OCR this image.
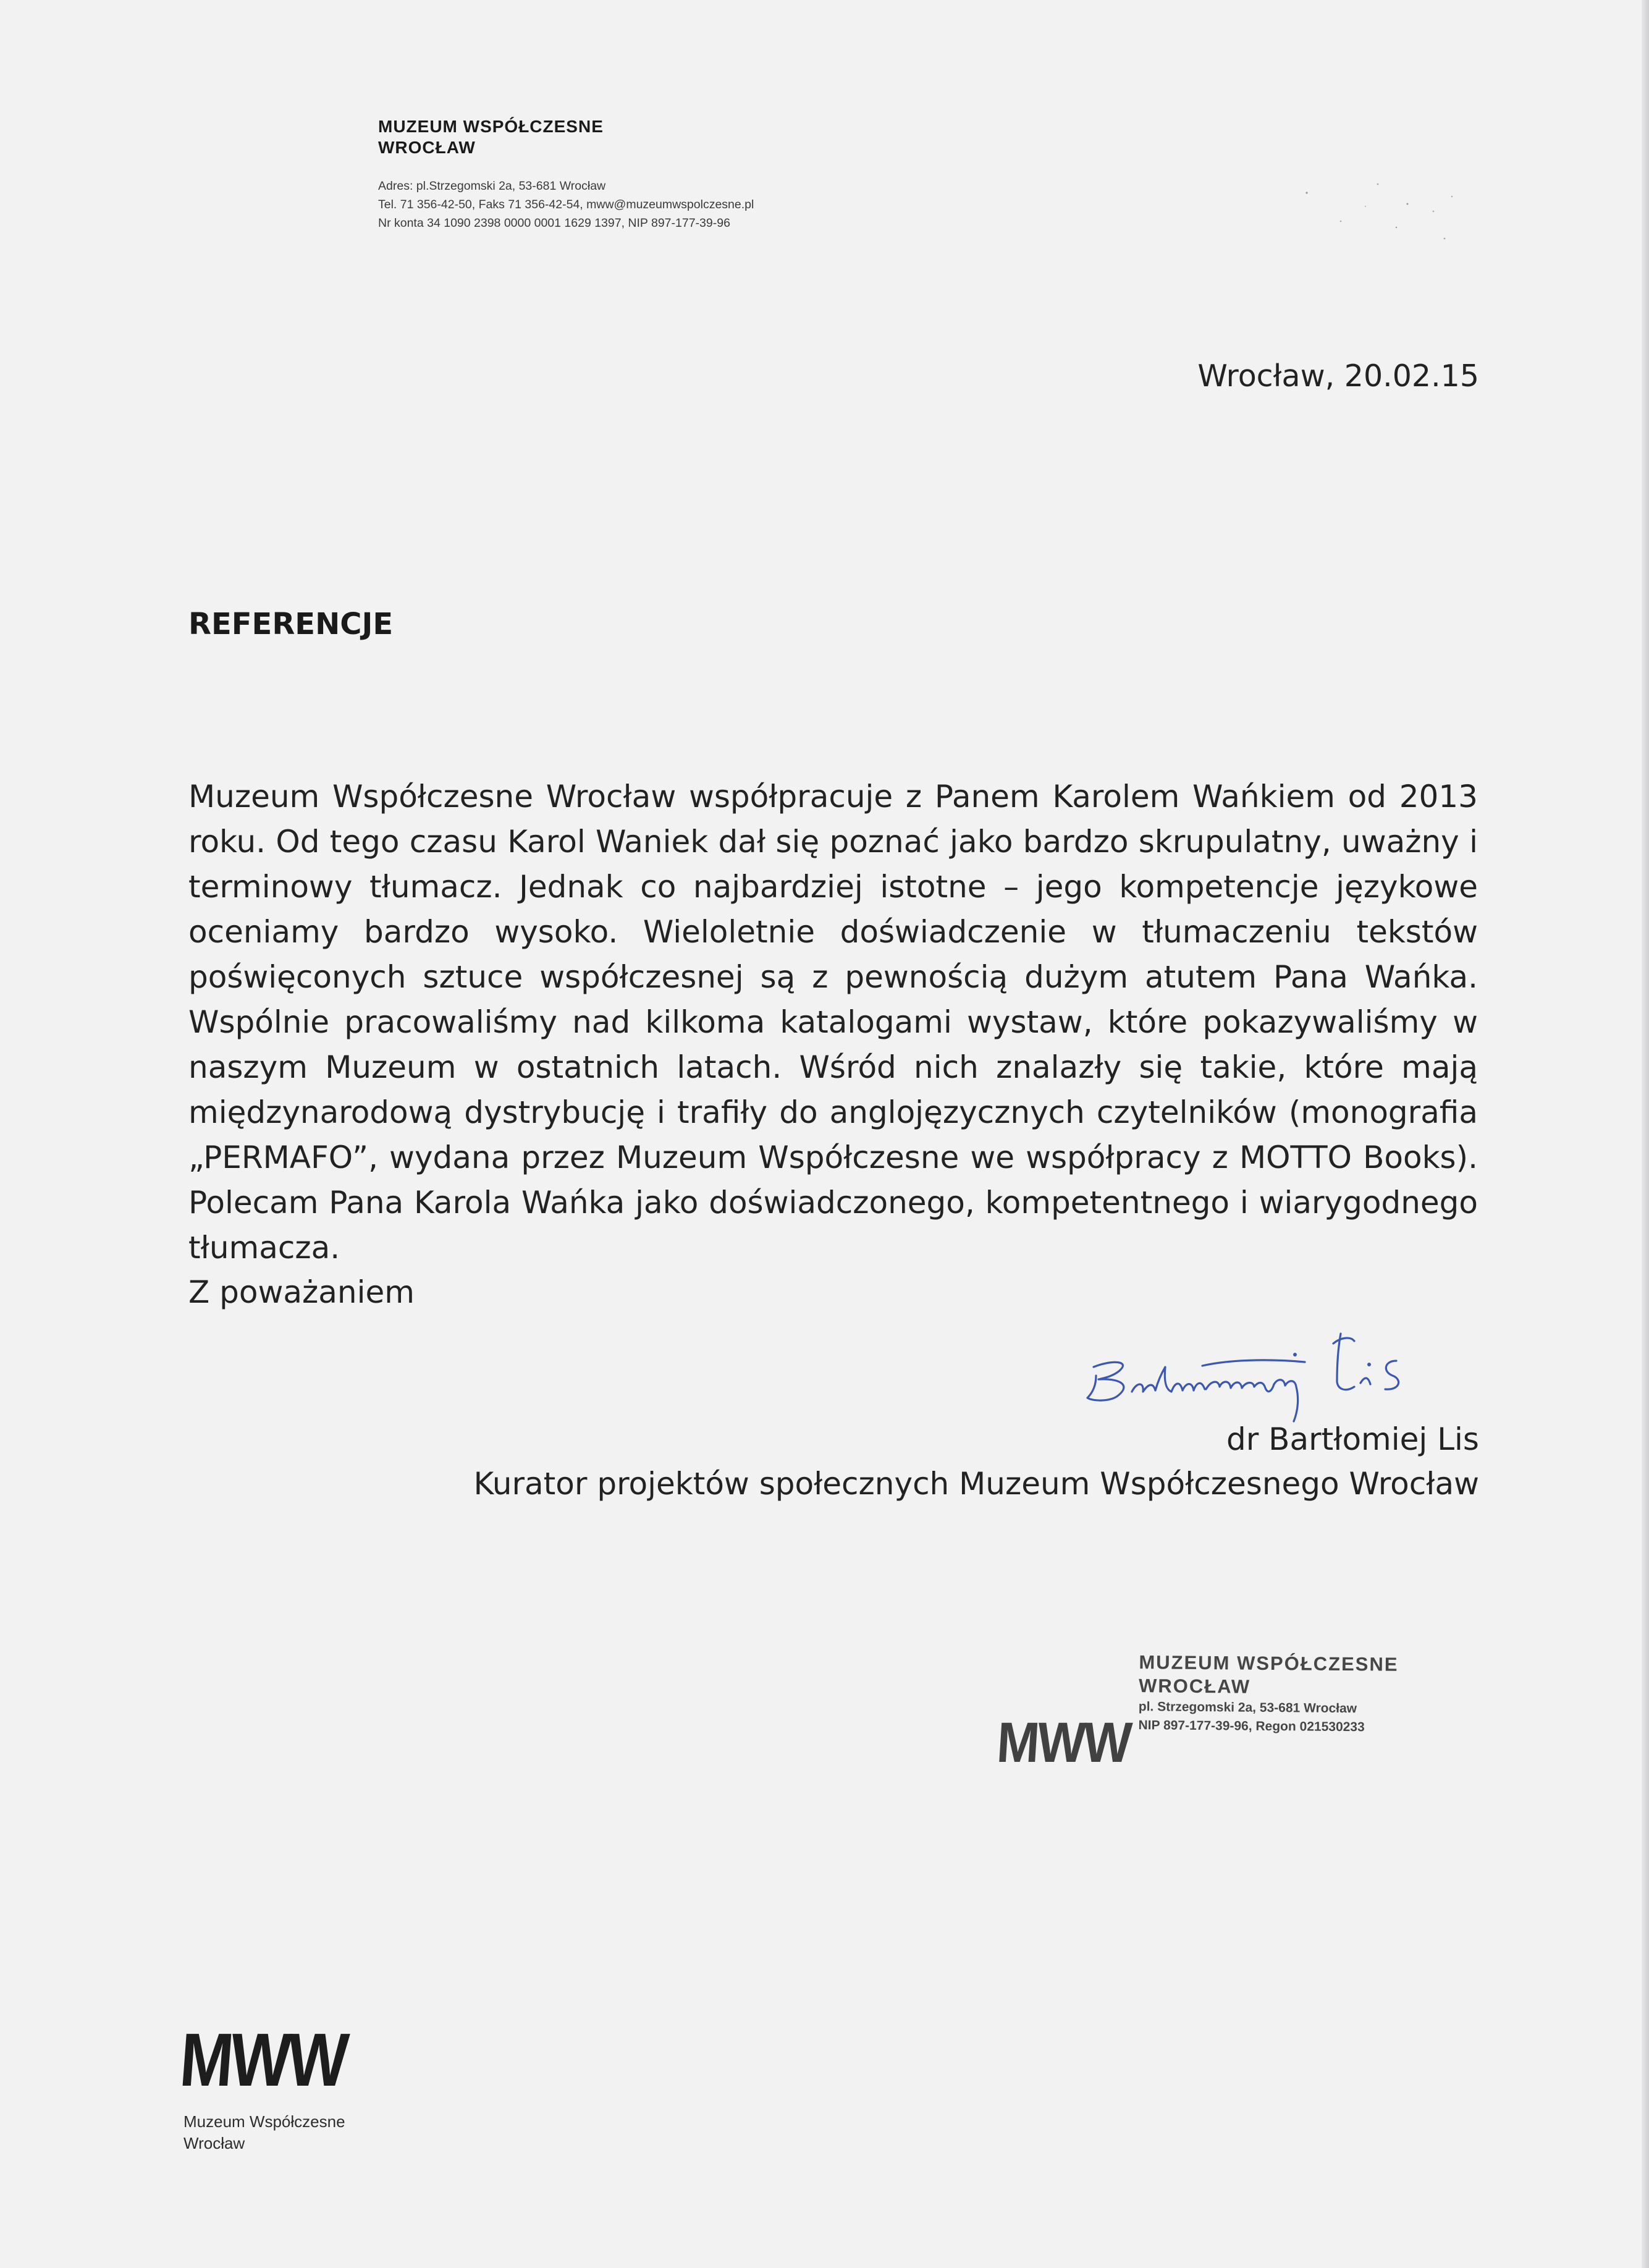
MUZEUM WSPÓŁCZESNE
WROCŁAW
Adres: pl.Strzegomski 2a, 53-681 Wrocław
Tel. 71 356-42-50, Faks 71 356-42-54, mww@muzeumwspolczesne.pl
Nr konta 34 1090 2398 0000 0001 1629 1397, NIP 897-177-39-96
Wrocław, 20.02.15
REFERENCJE
Muzeum Współczesne Wrocław współpracuje z Panem Karolem Wańkiem od 2013 roku. Od tego czasu Karol Waniek dał się poznać jako bardzo skrupulatny, uważny i terminowy tłumacz. Jednak co najbardziej istotne – jego kompetencje językowe oceniamy bardzo wysoko. Wieloletnie doświadczenie w tłumaczeniu tekstów poświęconych sztuce współczesnej są z pewnością dużym atutem Pana Wańka. Wspólnie pracowaliśmy nad kilkoma katalogami wystaw, które pokazywaliśmy w naszym Muzeum w ostatnich latach. Wśród nich znalazły się takie, które mają międzynarodową dystrybucję i trafiły do anglojęzycznych czytelników (monografia „PERMAFO”, wydana przez Muzeum Współczesne we współpracy z MOTTO Books). Polecam Pana Karola Wańka jako doświadczonego, kompetentnego i wiarygodnego tłumacza.
Z poważaniem
dr Bartłomiej Lis
Kurator projektów społecznych Muzeum Współczesnego Wrocław
MWW
MUZEUM WSPÓŁCZESNE
WROCŁAW
pl. Strzegomski 2a, 53-681 Wrocław
NIP 897-177-39-96, Regon 021530233
MWW
Muzeum Współczesne
Wrocław
